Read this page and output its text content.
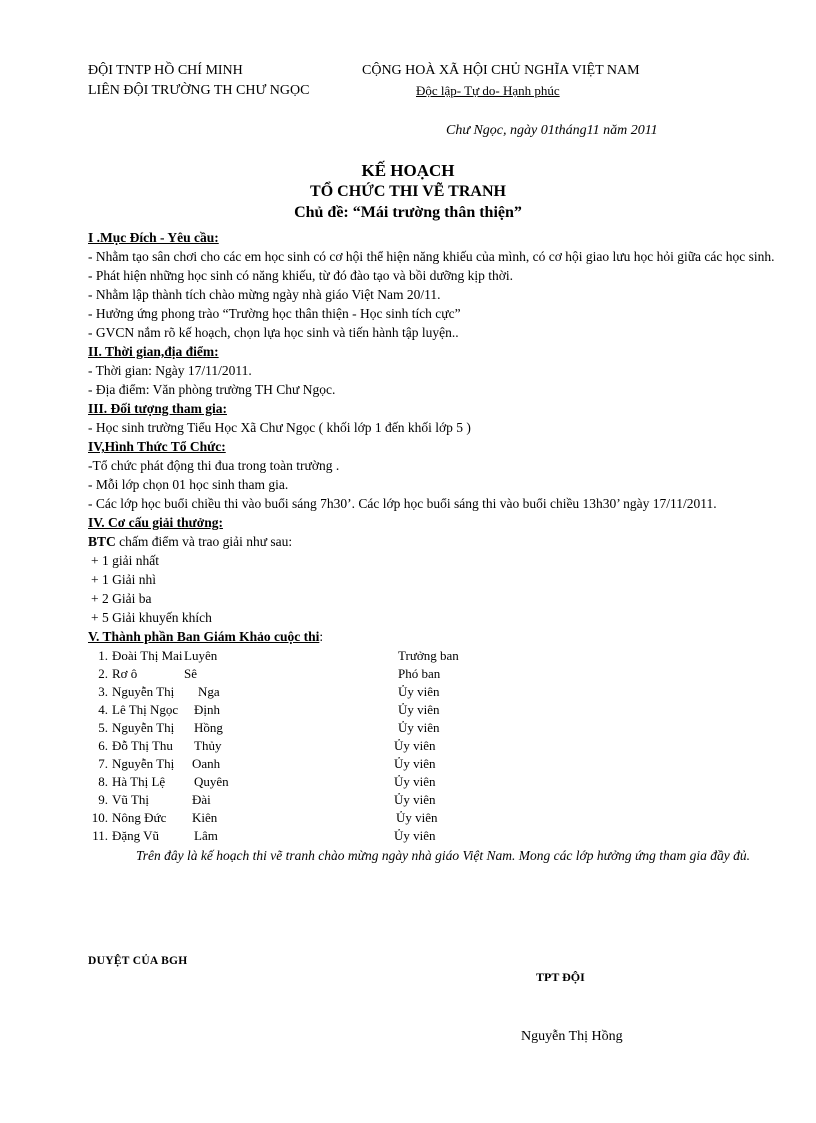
ĐỘI TNTP HỒ CHÍ MINH
LIÊN ĐỘI TRƯỜNG TH CHƯ NGỌC
CỘNG HOÀ XÃ HỘI CHỦ NGHĨA VIỆT NAM
Độc lập- Tự do- Hạnh phúc
Chư Ngọc, ngày 01tháng11 năm 2011
KẾ HOẠCH
TỔ CHỨC THI VẼ TRANH
Chủ đề: “Mái trường thân thiện”
I .Mục Đích - Yêu cầu:
- Nhằm tạo sân chơi cho các em học sinh có cơ hội thể hiện năng khiếu của mình, có cơ hội giao lưu học hỏi giữa các học sinh.
- Phát hiện những học sinh có năng khiếu, từ đó đào tạo và bồi dưỡng kịp thời.
- Nhằm lập thành tích chào mừng ngày nhà giáo Việt Nam 20/11.
- Hưởng ứng phong trào “Trường học thân thiện - Học sinh tích cực”
- GVCN nắm rõ kế hoạch, chọn lựa học sinh và tiến hành tập luyện..
II. Thời gian,địa điểm:
- Thời gian: Ngày 17/11/2011.
- Địa điểm: Văn phòng trường TH Chư Ngọc.
III. Đối tượng tham gia:
- Học sinh trường Tiểu Học Xã Chư Ngọc ( khối lớp 1 đến khối lớp 5 )
IV,Hình Thức Tổ Chức:
-Tổ chức phát động thi đua trong toàn trường .
- Mỗi lớp chọn 01 học sinh tham gia.
- Các lớp học buổi chiều thi vào buổi sáng 7h30’. Các lớp học buổi sáng thi vào buổi chiều 13h30’ ngày 17/11/2011.
IV. Cơ cấu giải thưởng:
BTC chấm điểm và trao giải như sau:
+ 1 giải nhất
+ 1 Giải nhì
+ 2 Giải ba
+ 5 Giải khuyến khích
V. Thành phần Ban Giám Khảo cuộc thi:
1. Đoài Thị Mai Luyên	Trưởng ban
2. Rơ ô	Sê	Phó ban
3. Nguyễn Thị Nga	Ủy viên
4. Lê Thị Ngọc Định	Ủy viên
5. Nguyễn Thị Hồng	Ủy viên
6. Đỗ Thị Thu Thủy	Ủy viên
7. Nguyễn Thị Oanh	Ủy viên
8. Hà Thị Lệ Quyên	Ủy viên
9. Vũ Thị	Đài	Ủy viên
10. Nông Đức Kiên	Ủy viên
11. Đặng Vũ	Lâm	Ủy viên
Trên đây là kế hoạch thi vẽ tranh chào mừng ngày nhà giáo Việt Nam. Mong các lớp hưởng ứng tham gia đầy đủ.
DUYỆT CỦA BGH
TPT ĐỘI
Nguyễn Thị Hồng
